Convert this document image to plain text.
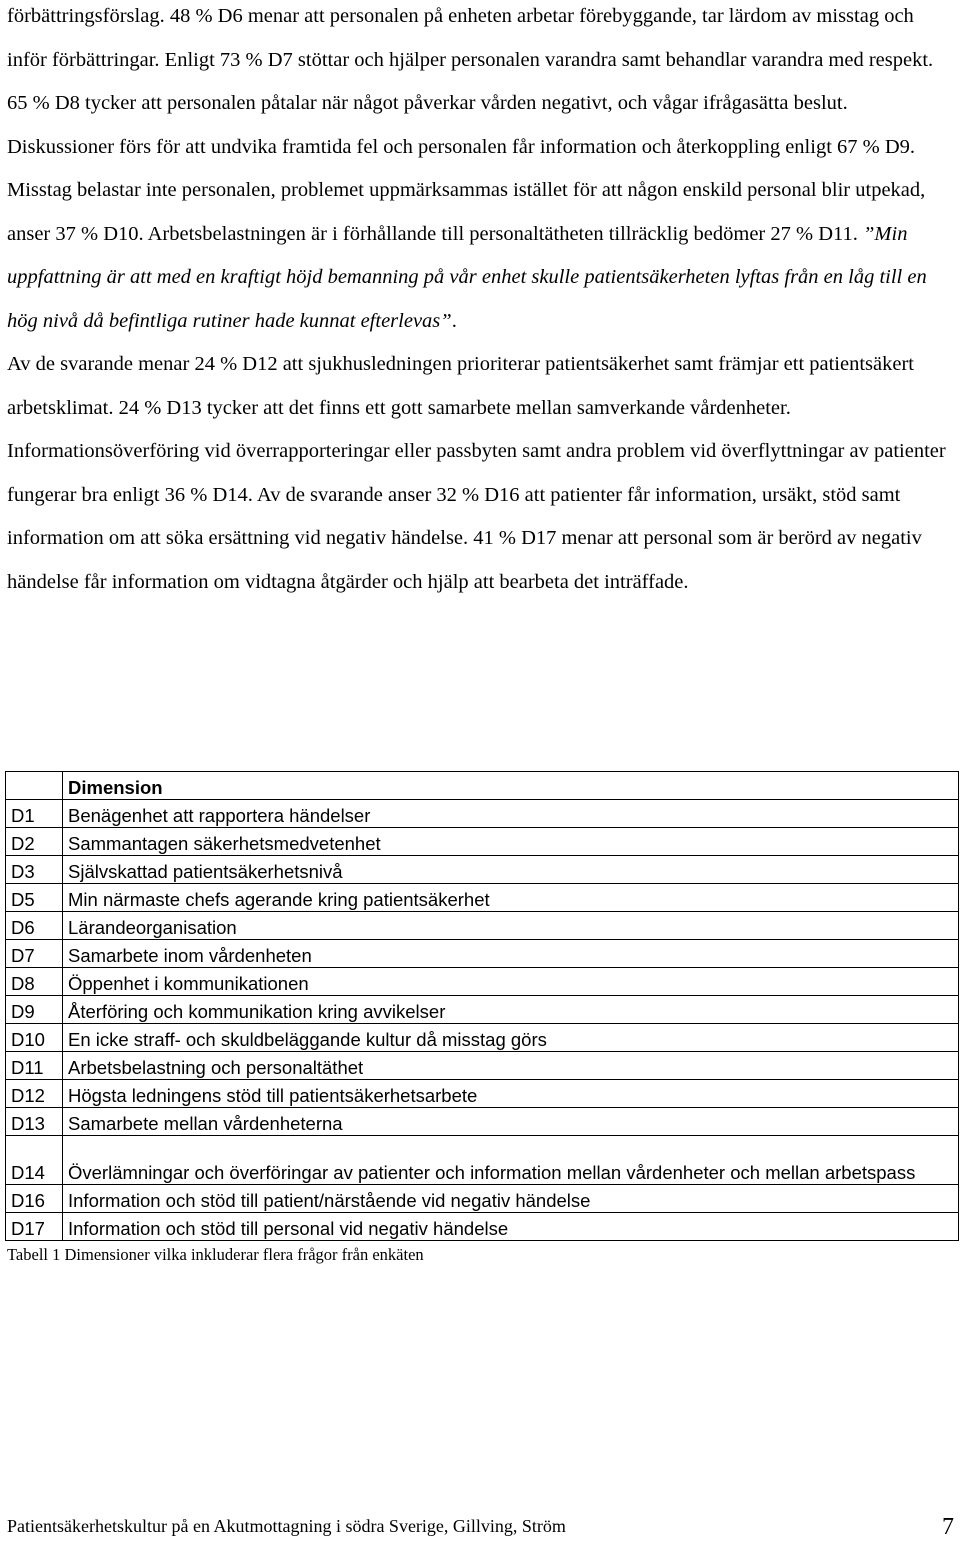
förbättringsförslag. 48 % D6 menar att personalen på enheten arbetar förebyggande, tar lärdom av misstag och inför förbättringar. Enligt 73 % D7 stöttar och hjälper personalen varandra samt behandlar varandra med respekt. 65 % D8 tycker att personalen påtalar när något påverkar vården negativt, och vågar ifrågasätta beslut. Diskussioner förs för att undvika framtida fel och personalen får information och återkoppling enligt 67 % D9. Misstag belastar inte personalen, problemet uppmärksammas istället för att någon enskild personal blir utpekad, anser 37 % D10. Arbetsbelastningen är i förhållande till personaltätheten tillräcklig bedömer 27 % D11. ”Min uppfattning är att med en kraftigt höjd bemanning på vår enhet skulle patientsäkerheten lyftas från en låg till en hög nivå då befintliga rutiner hade kunnat efterlevas”.

Av de svarande menar 24 % D12 att sjukhusledningen prioriterar patientsäkerhet samt främjar ett patientsäkert arbetsklimat. 24 % D13 tycker att det finns ett gott samarbete mellan samverkande vårdenheter. Informationsöverföring vid överrapporteringar eller passbyten samt andra problem vid överflyttningar av patienter fungerar bra enligt 36 % D14. Av de svarande anser 32 % D16 att patienter får information, ursäkt, stöd samt information om att söka ersättning vid negativ händelse. 41 % D17 menar att personal som är berörd av negativ händelse får information om vidtagna åtgärder och hjälp att bearbeta det inträffade.

	Dimension
D1	Benägenhet att rapportera händelser
D2	Sammantagen säkerhetsmedvetenhet
D3	Självskattad patientsäkerhetsnivå
D5	Min närmaste chefs agerande kring patientsäkerhet
D6	Lärandeorganisation
D7	Samarbete inom vårdenheten
D8	Öppenhet i kommunikationen
D9	Återföring och kommunikation kring avvikelser
D10	En icke straff- och skuldbeläggande kultur då misstag görs
D11	Arbetsbelastning och personaltäthet
D12	Högsta ledningens stöd till patientsäkerhetsarbete
D13	Samarbete mellan vårdenheterna
D14	Överlämningar och överföringar av patienter och information mellan vårdenheter och mellan arbetspass
D16	Information och stöd till patient/närstående vid negativ händelse
D17	Information och stöd till personal vid negativ händelse

Tabell 1 Dimensioner vilka inkluderar flera frågor från enkäten

Patientsäkerhetskultur på en Akutmottagning i södra Sverige, Gillving, Ström	7
